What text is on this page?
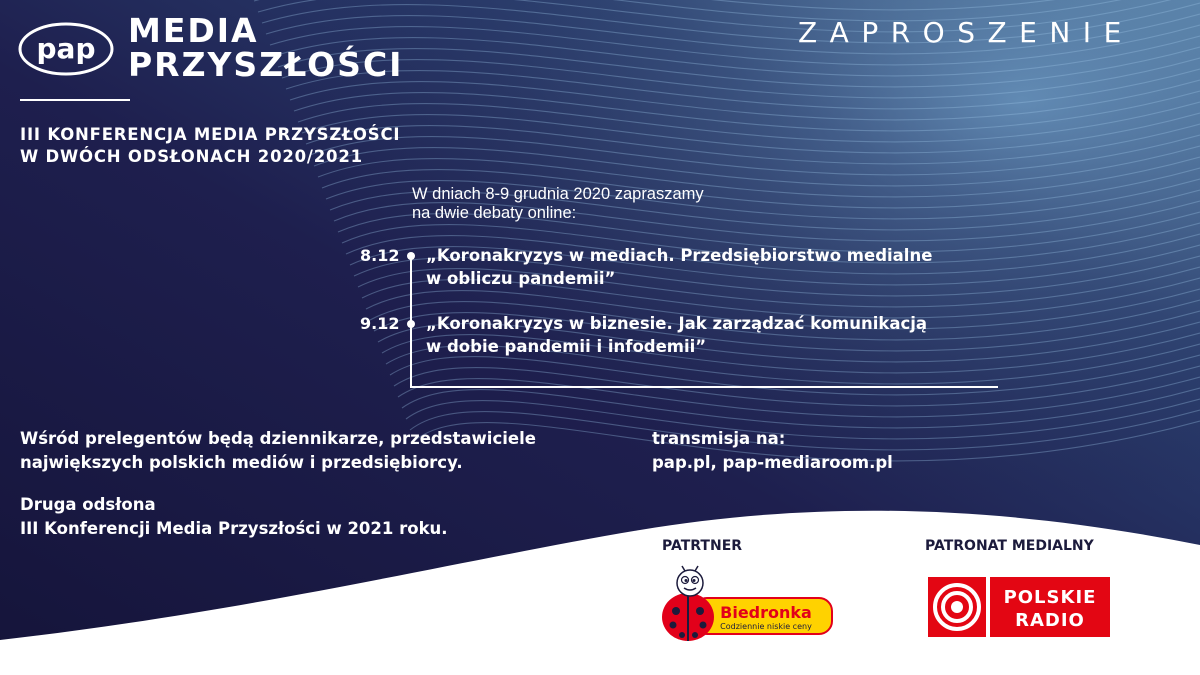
pap MEDIA
PRZYSZŁOŚCI
ZAPROSZENIE
III KONFERENCJA MEDIA PRZYSZŁOŚCI
W DWÓCH ODSŁONACH 2020/2021
W dniach 8-9 grudnia 2020 zapraszamy
na dwie debaty online:
8.12 „Koronakryzys w mediach. Przedsiębiorstwo medialne
w obliczu pandemii”
9.12 „Koronakryzys w biznesie. Jak zarządzać komunikacją
w dobie pandemii i infodemii”
Wśród prelegentów będą dziennikarze, przedstawiciele
największych polskich mediów i przedsiębiorcy.
Druga odsłona
III Konferencji Media Przyszłości w 2021 roku.
transmisja na:
pap.pl, pap-mediaroom.pl
PATRTNER	PATRONAT MEDIALNY
Biedronka
Codziennie niskie ceny
POLSKIE
RADIO
